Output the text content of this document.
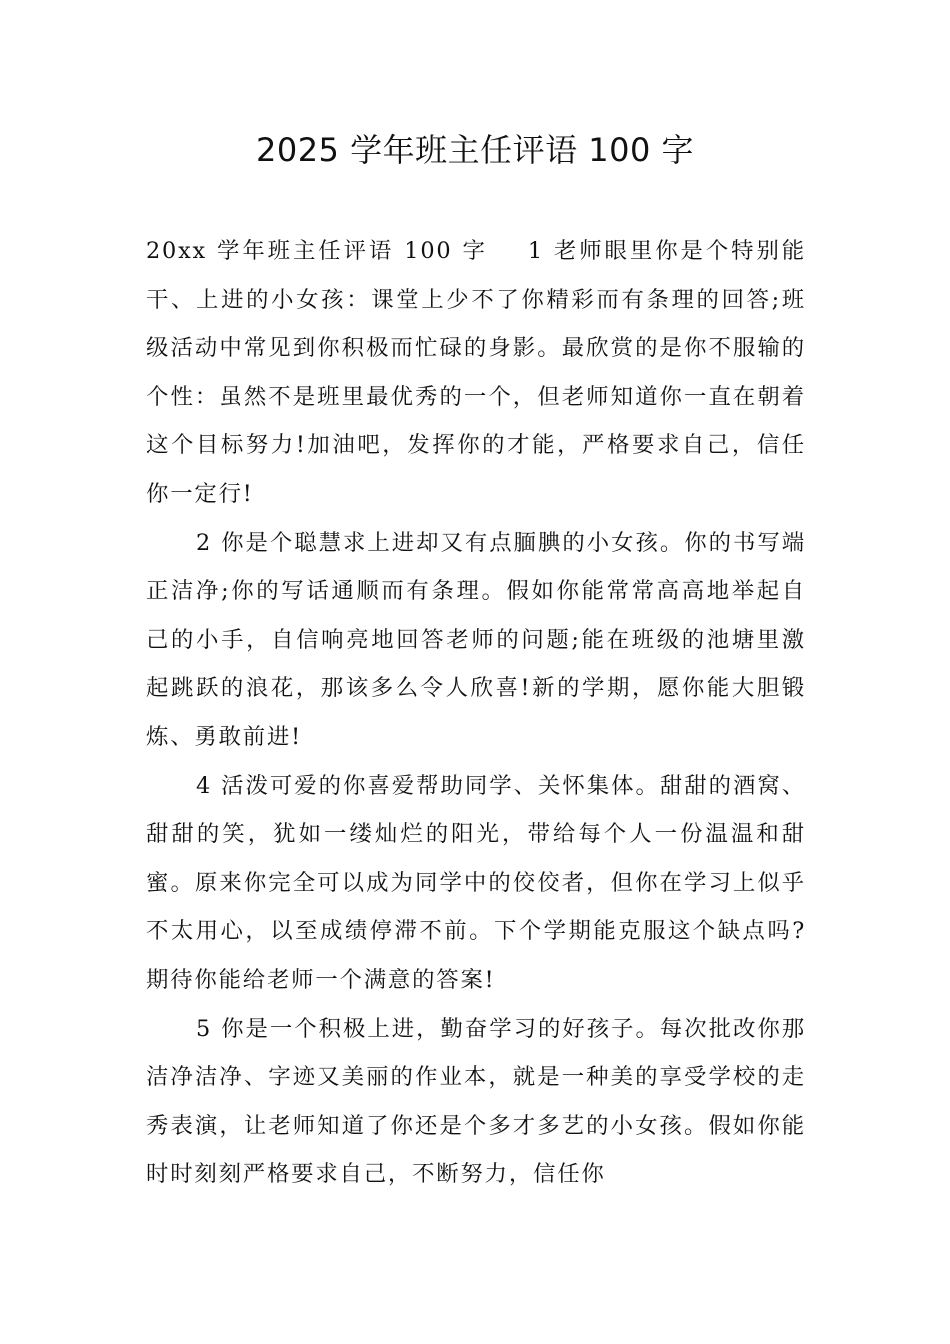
2025 学年班主任评语 100 字

20xx 学年班主任评语 100 字 1 老师眼里你是个特别能干、上进的小女孩：课堂上少不了你精彩而有条理的回答;班级活动中常见到你积极而忙碌的身影。最欣赏的是你不服输的个性：虽然不是班里最优秀的一个，但老师知道你一直在朝着这个目标努力!加油吧，发挥你的才能，严格要求自己，信任你一定行!

2 你是个聪慧求上进却又有点腼腆的小女孩。你的书写端正洁净;你的写话通顺而有条理。假如你能常常高高地举起自己的小手，自信响亮地回答老师的问题;能在班级的池塘里激起跳跃的浪花，那该多么令人欣喜!新的学期，愿你能大胆锻炼、勇敢前进!

4 活泼可爱的你喜爱帮助同学、关怀集体。甜甜的酒窝、甜甜的笑，犹如一缕灿烂的阳光，带给每个人一份温温和甜蜜。原来你完全可以成为同学中的佼佼者，但你在学习上似乎不太用心，以至成绩停滞不前。下个学期能克服这个缺点吗?期待你能给老师一个满意的答案!

5 你是一个积极上进，勤奋学习的好孩子。每次批改你那洁净洁净、字迹又美丽的作业本，就是一种美的享受学校的走秀表演，让老师知道了你还是个多才多艺的小女孩。假如你能时时刻刻严格要求自己，不断努力，信任你
